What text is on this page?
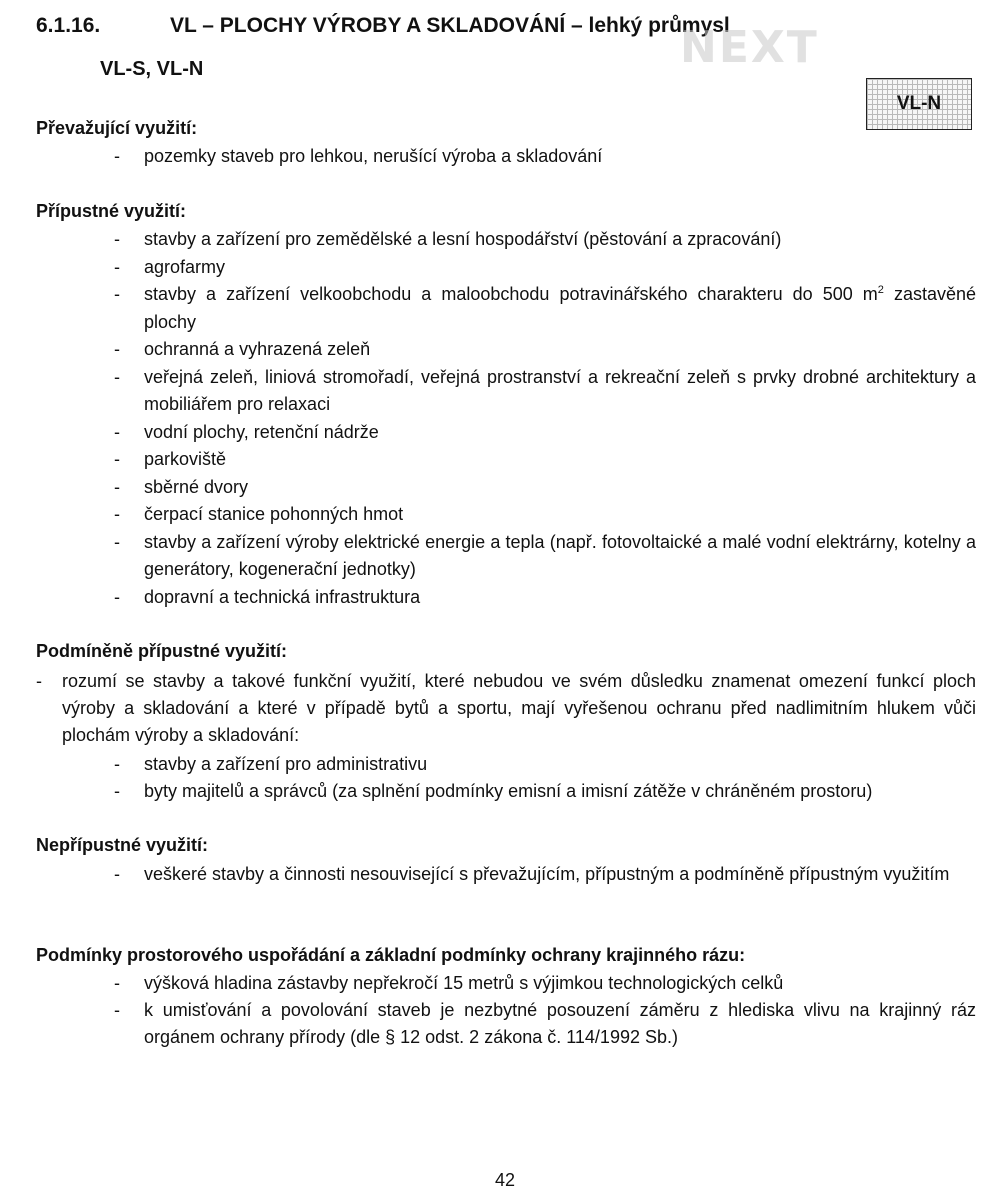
6.1.16.	VL – PLOCHY VÝROBY A SKLADOVÁNÍ – lehký průmysl
VL-S, VL-N	NEXT
VL-N
Převažující využití:
- pozemky staveb pro lehkou, nerušící výroba a skladování
Přípustné využití:
- stavby a zařízení pro zemědělské a lesní hospodářství (pěstování a zpracování)
- agrofarmy
- stavby a zařízení velkoobchodu a maloobchodu potravinářského charakteru do 500 $m^2$ zastavěné plochy
- ochranná a vyhrazená zeleň
- veřejná zeleň, liniová stromořadí, veřejná prostranství a rekreační zeleň s prvky drobné architektury a mobiliářem pro relaxaci
- vodní plochy, retenční nádrže
- parkoviště
- sběrné dvory
- čerpací stanice pohonných hmot
- stavby a zařízení výroby elektrické energie a tepla (např. fotovoltaické a malé vodní elektrárny, kotelny a generátory, kogenerační jednotky)
- dopravní a technická infrastruktura
Podmíněně přípustné využití:
- rozumí se stavby a takové funkční využití, které nebudou ve svém důsledku znamenat omezení funkcí ploch výroby a skladování a které v případě bytů a sportu, mají vyřešenou ochranu před nadlimitním hlukem vůči plochám výroby a skladování:

- stavby a zařízení pro administrativu
- byty majitelů a správců (za splnění podmínky emisní a imisní zátěže v chráněném prostoru)
Nepřípustné využití:
- veškeré stavby a činnosti nesouvisející s převažujícím, přípustným a podmíněně přípustným využitím
Podmínky prostorového uspořádání a základní podmínky ochrany krajinného rázu:
- výšková hladina zástavby nepřekročí 15 metrů s výjimkou technologických celků
- k umisťování a povolování staveb je nezbytné posouzení záměru z hlediska vlivu na krajinný ráz orgánem ochrany přírody (dle § 12 odst. 2 zákona č. 114/1992 Sb.)
42
